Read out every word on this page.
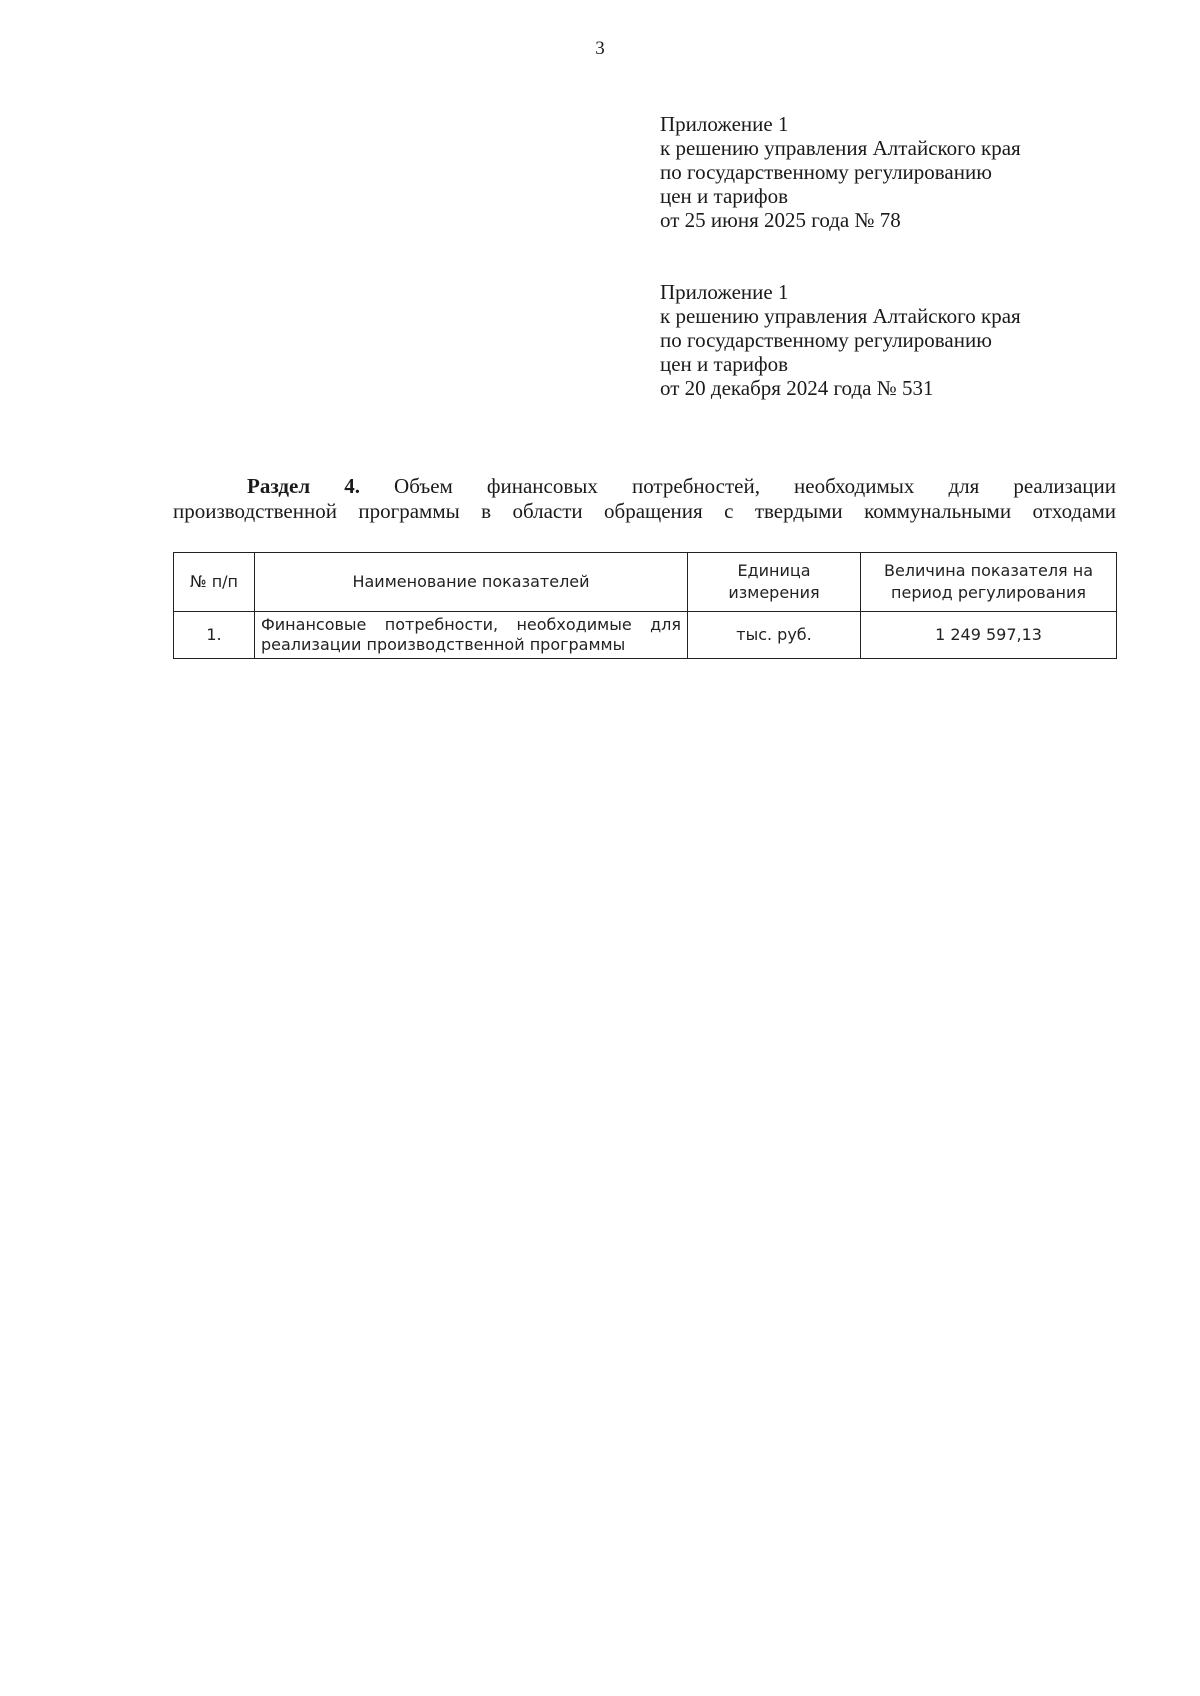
3
Приложение 1
к решению управления Алтайского края
по государственному регулированию
цен и тарифов
от 25 июня 2025 года № 78
Приложение 1
к решению управления Алтайского края
по государственному регулированию
цен и тарифов
от 20 декабря 2024 года № 531
Раздел 4. Объем финансовых потребностей, необходимых для реализации
производственной программы в области обращения с твердыми коммунальными отходами
№ п/п	Наименование показателей	Единица измерения	Величина показателя на период регулирования
1.	Финансовые потребности, необходимые для реализации производственной программы	тыс. руб.	1 249 597,13
